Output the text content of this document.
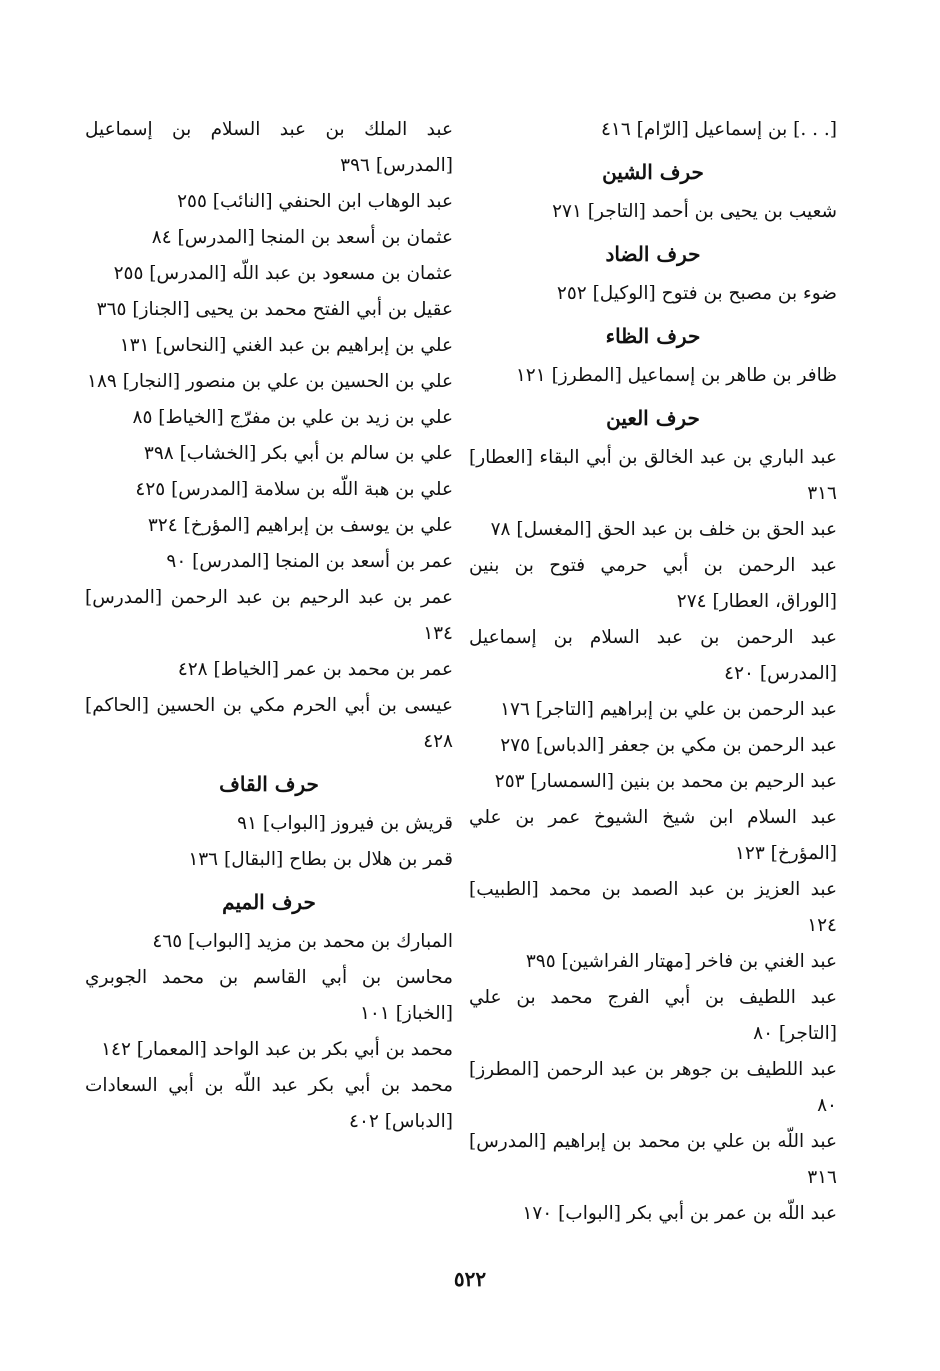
[. . .] بن إسماعيل [الرّام] ٤١٦
حرف الشين
شعيب بن يحيى بن أحمد [التاجر] ٢٧١
حرف الضاد
ضوء بن مصبح بن فتوح [الوكيل] ٢٥٢
حرف الظاء
ظافر بن طاهر بن إسماعيل [المطرز] ١٢١
حرف العين
عبد الباري بن عبد الخالق بن أبي البقاء [العطار] ٣١٦
عبد الحق بن خلف بن عبد الحق [المغسل] ٧٨
عبد الرحمن بن أبي حرمي فتوح بن بنين [الوراق، العطار] ٢٧٤
عبد الرحمن بن عبد السلام بن إسماعيل [المدرس] ٤٢٠
عبد الرحمن بن علي بن إبراهيم [التاجر] ١٧٦
عبد الرحمن بن مكي بن جعفر [الدباس] ٢٧٥
عبد الرحيم بن محمد بن بنين [السمسار] ٢٥٣
عبد السلام ابن شيخ الشيوخ عمر بن علي [المؤرخ] ١٢٣
عبد العزيز بن عبد الصمد بن محمد [الطبيب] ١٢٤
عبد الغني بن فاخر [مهتار الفراشين] ٣٩٥
عبد اللطيف بن أبي الفرج محمد بن علي [التاجر] ٨٠
عبد اللطيف بن جوهر بن عبد الرحمن [المطرز] ٨٠
عبد اللّه بن علي بن محمد بن إبراهيم [المدرس] ٣١٦
عبد اللّه بن عمر بن أبي بكر [البواب] ١٧٠
عبد الملك بن عبد السلام بن إسماعيل [المدرس] ٣٩٦
عبد الوهاب ابن الحنفي [النائب] ٢٥٥
عثمان بن أسعد بن المنجا [المدرس] ٨٤
عثمان بن مسعود بن عبد اللّه [المدرس] ٢٥٥
عقيل بن أبي الفتح محمد بن يحيى [الجناز] ٣٦٥
علي بن إبراهيم بن عبد الغني [النحاس] ١٣١
علي بن الحسين بن علي بن منصور [النجار] ١٨٩
علي بن زيد بن علي بن مفرّج [الخياط] ٨٥
علي بن سالم بن أبي بكر [الخشاب] ٣٩٨
علي بن هبة اللّه بن سلامة [المدرس] ٤٢٥
علي بن يوسف بن إبراهيم [المؤرخ] ٣٢٤
عمر بن أسعد بن المنجا [المدرس] ٩٠
عمر بن عبد الرحيم بن عبد الرحمن [المدرس] ١٣٤
عمر بن محمد بن عمر [الخياط] ٤٢٨
عيسى بن أبي الحرم مكي بن الحسين [الحاكم] ٤٢٨
حرف القاف
قريش بن فيروز [البواب] ٩١
قمر بن هلال بن بطاح [البقال] ١٣٦
حرف الميم
المبارك بن محمد بن مزيد [البواب] ٤٦٥
محاسن بن أبي القاسم بن محمد الجوبري [الخباز] ١٠١
محمد بن أبي بكر بن عبد الواحد [المعمار] ١٤٢
محمد بن أبي بكر عبد اللّه بن أبي السعادات [الدباس] ٤٠٢
٥٢٢
